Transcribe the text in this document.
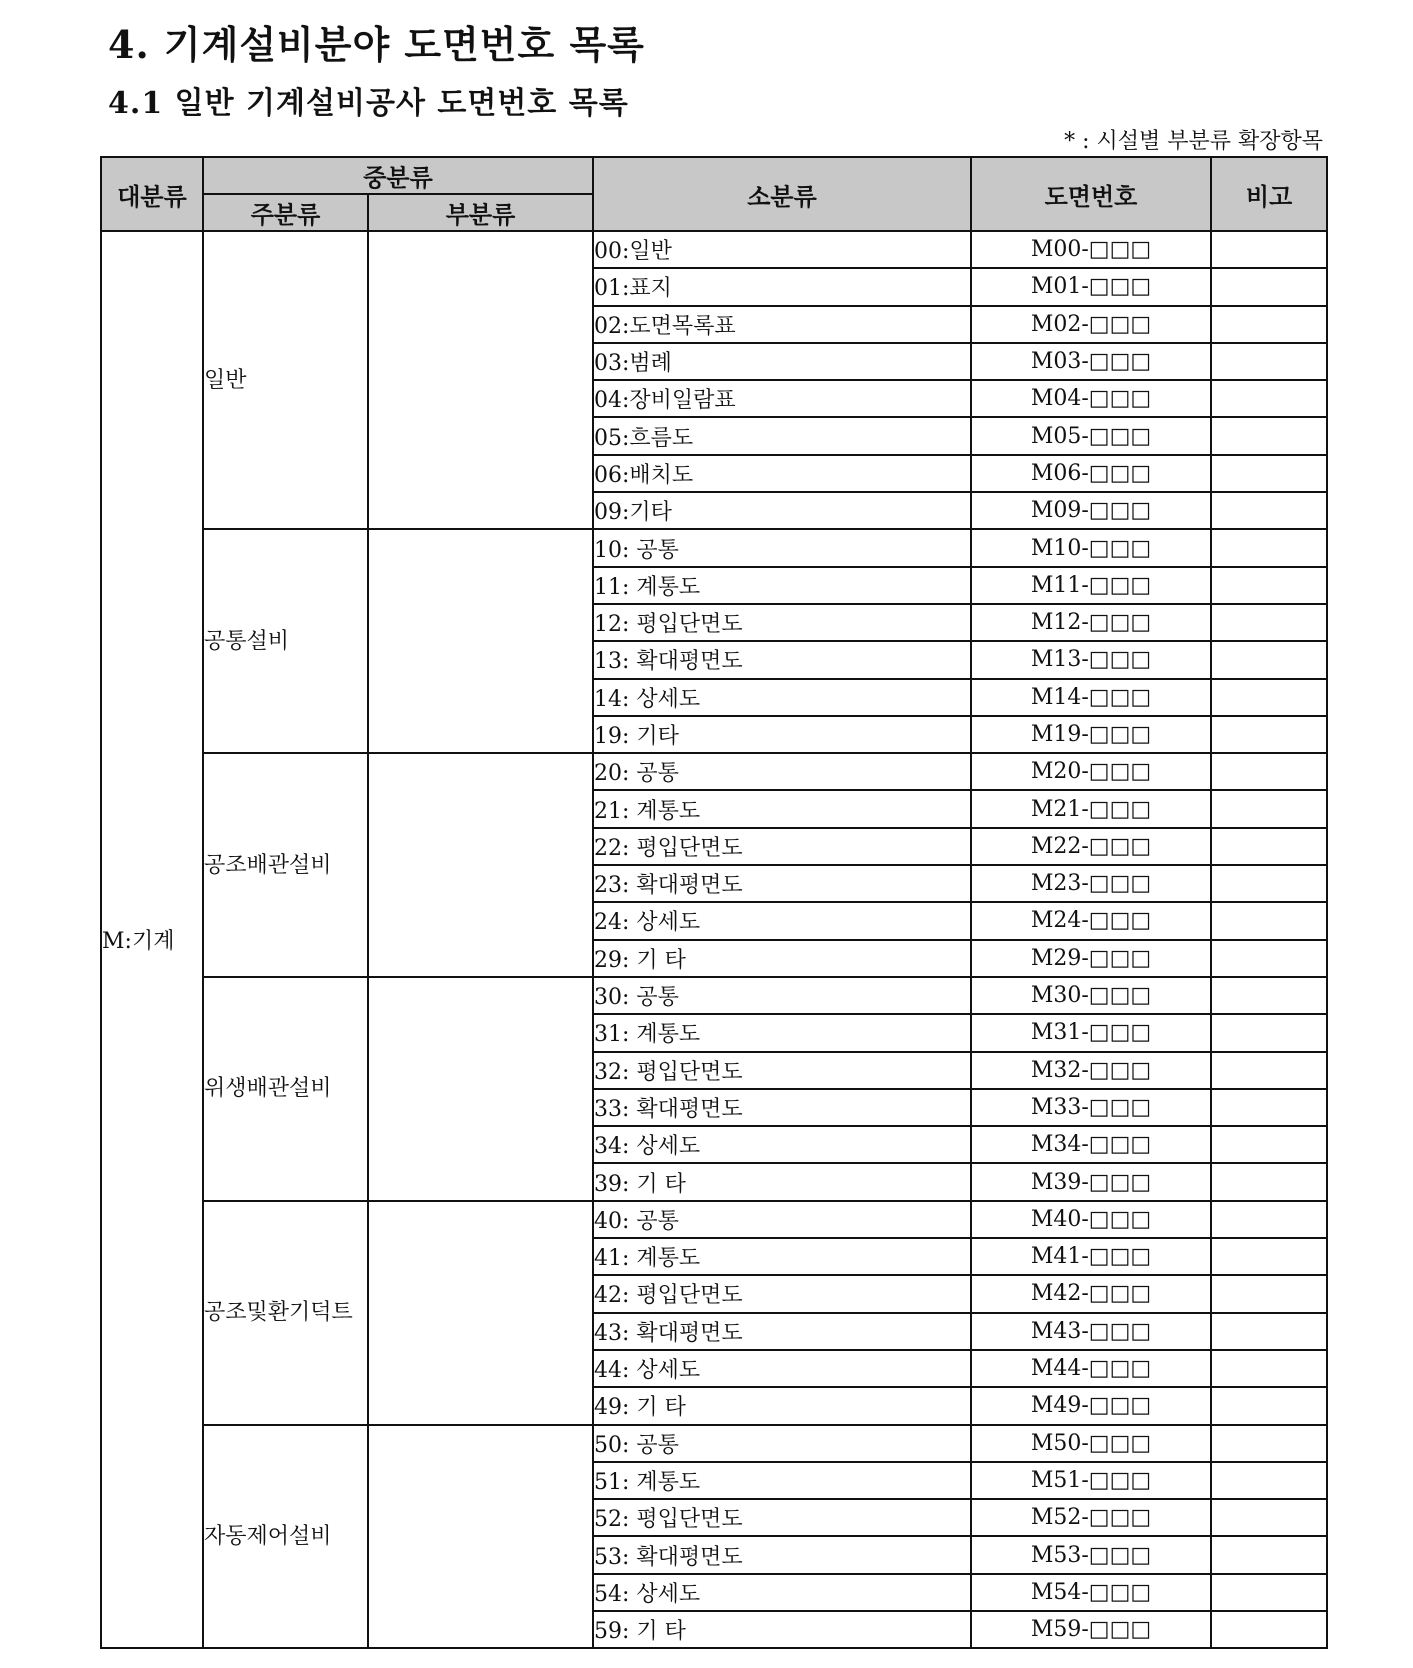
4. 기계설비분야 도면번호 목록
4.1 일반 기계설비공사 도면번호 목록
* : 시설별 부분류 확장항목
대분류	중분류		소분류	도면번호	비고
	주분류	부분류			
M:기계	일반		00:일반	M00-□□□	
			01:표지	M01-□□□	
			02:도면목록표	M02-□□□	
			03:범례	M03-□□□	
			04:장비일람표	M04-□□□	
			05:흐름도	M05-□□□	
			06:배치도	M06-□□□	
			09:기타	M09-□□□	
	공통설비		10: 공통	M10-□□□	
			11: 계통도	M11-□□□	
			12: 평입단면도	M12-□□□	
			13: 확대평면도	M13-□□□	
			14: 상세도	M14-□□□	
			19: 기타	M19-□□□	
	공조배관설비		20: 공통	M20-□□□	
			21: 계통도	M21-□□□	
			22: 평입단면도	M22-□□□	
			23: 확대평면도	M23-□□□	
			24: 상세도	M24-□□□	
			29: 기 타	M29-□□□	
	위생배관설비		30: 공통	M30-□□□	
			31: 계통도	M31-□□□	
			32: 평입단면도	M32-□□□	
			33: 확대평면도	M33-□□□	
			34: 상세도	M34-□□□	
			39: 기 타	M39-□□□	
	공조및환기덕트		40: 공통	M40-□□□	
			41: 계통도	M41-□□□	
			42: 평입단면도	M42-□□□	
			43: 확대평면도	M43-□□□	
			44: 상세도	M44-□□□	
			49: 기 타	M49-□□□	
	자동제어설비		50: 공통	M50-□□□	
			51: 계통도	M51-□□□	
			52: 평입단면도	M52-□□□	
			53: 확대평면도	M53-□□□	
			54: 상세도	M54-□□□	
			59: 기 타	M59-□□□	
